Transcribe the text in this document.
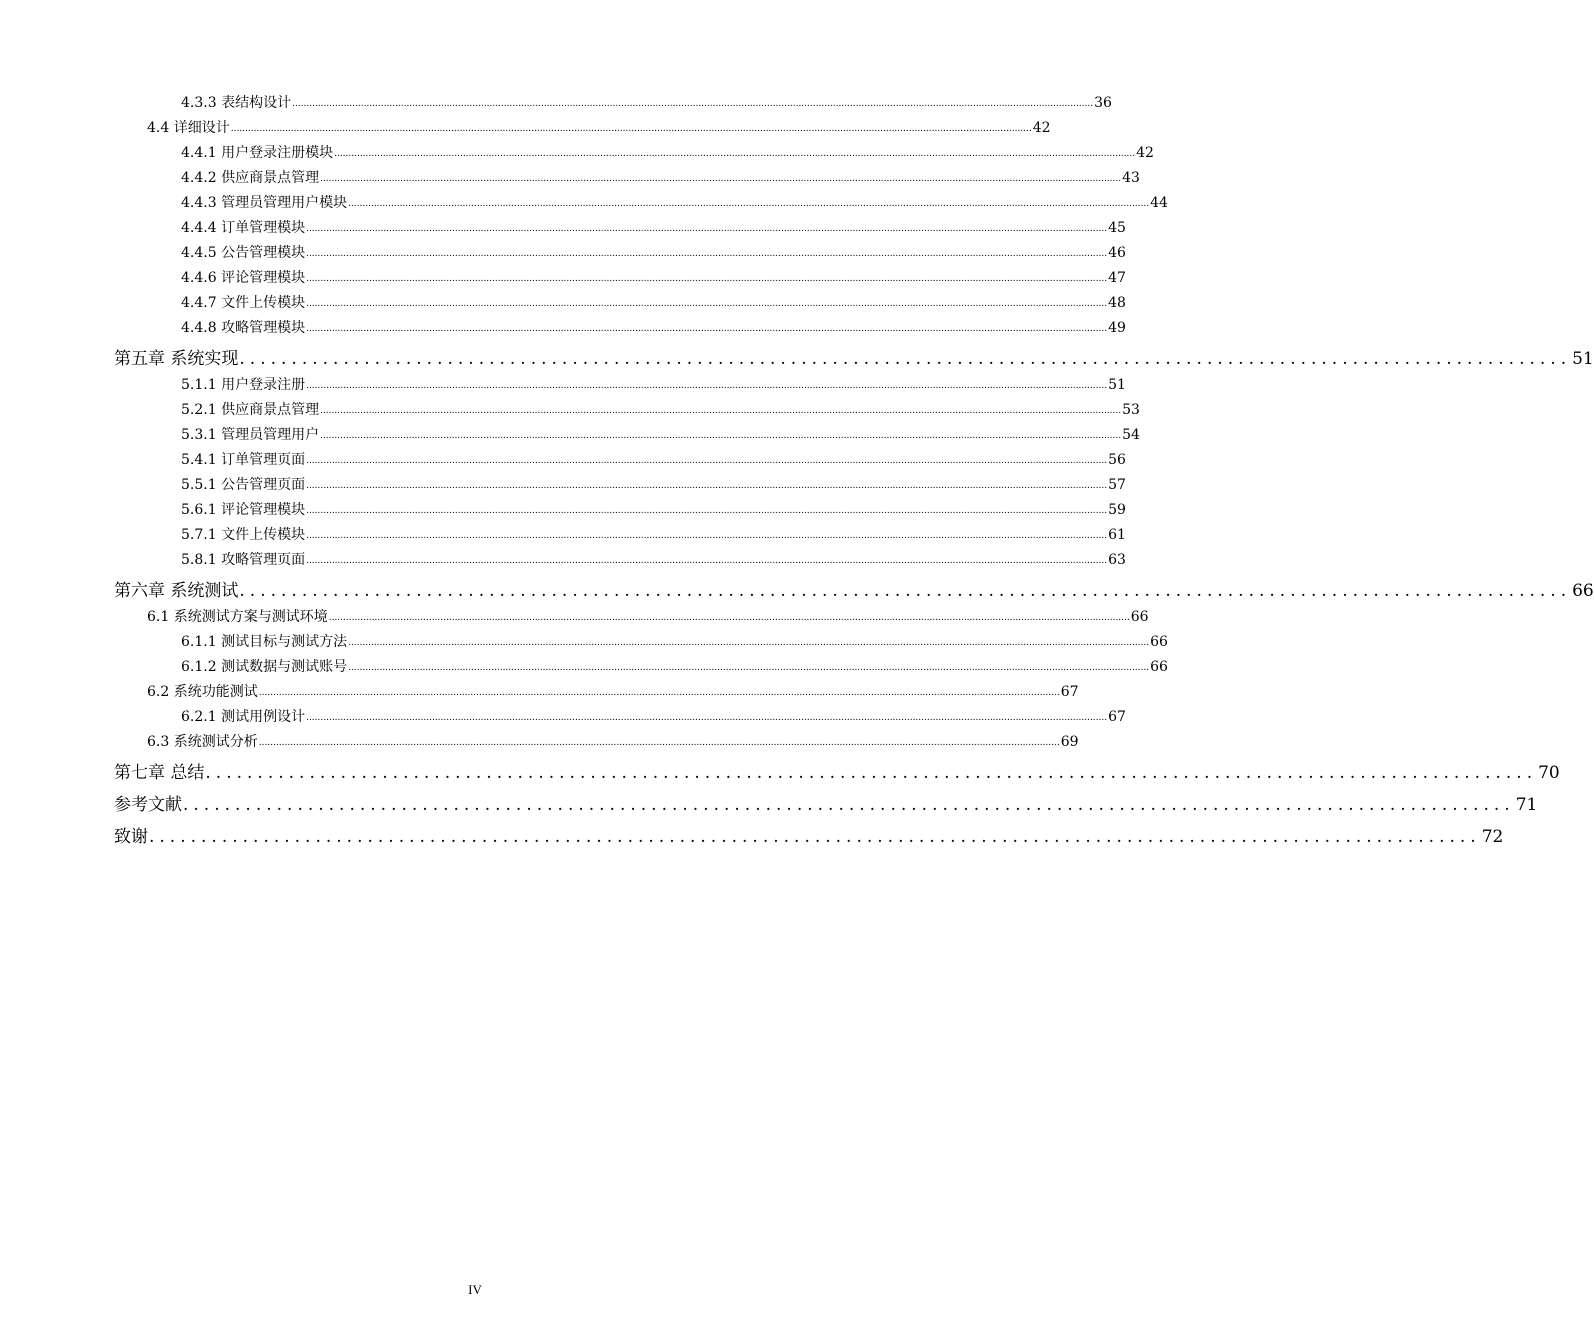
4.3.3 表结构设计 ........................................................................................................................................................................................................................................................................................ 36
4.4 详细设计 ........................................................................................................................................................................................................................................................................................ 42
4.4.1 用户登录注册模块 ........................................................................................................................................................................................................................................................................................ 42
4.4.2 供应商景点管理 ........................................................................................................................................................................................................................................................................................ 43
4.4.3 管理员管理用户模块 ........................................................................................................................................................................................................................................................................................ 44
4.4.4 订单管理模块 ........................................................................................................................................................................................................................................................................................ 45
4.4.5 公告管理模块 ........................................................................................................................................................................................................................................................................................ 46
4.4.6 评论管理模块 ........................................................................................................................................................................................................................................................................................ 47
4.4.7 文件上传模块 ........................................................................................................................................................................................................................................................................................ 48
4.4.8 攻略管理模块 ........................................................................................................................................................................................................................................................................................ 49
第五章 系统实现 ................................................................................................................................ 51
5.1.1 用户登录注册 ........................................................................................................................................................................................................................................................................................ 51
5.2.1 供应商景点管理 ........................................................................................................................................................................................................................................................................................ 53
5.3.1 管理员管理用户 ........................................................................................................................................................................................................................................................................................ 54
5.4.1 订单管理页面 ........................................................................................................................................................................................................................................................................................ 56
5.5.1 公告管理页面 ........................................................................................................................................................................................................................................................................................ 57
5.6.1 评论管理模块 ........................................................................................................................................................................................................................................................................................ 59
5.7.1 文件上传模块 ........................................................................................................................................................................................................................................................................................ 61
5.8.1 攻略管理页面 ........................................................................................................................................................................................................................................................................................ 63
第六章 系统测试 ................................................................................................................................ 66
6.1 系统测试方案与测试环境 ........................................................................................................................................................................................................................................................................................ 66
6.1.1 测试目标与测试方法 ........................................................................................................................................................................................................................................................................................ 66
6.1.2 测试数据与测试账号 ........................................................................................................................................................................................................................................................................................ 66
6.2 系统功能测试 ........................................................................................................................................................................................................................................................................................ 67
6.2.1 测试用例设计 ........................................................................................................................................................................................................................................................................................ 67
6.3 系统测试分析 ........................................................................................................................................................................................................................................................................................ 69
第七章 总结 ................................................................................................................................ 70
参考文献 ................................................................................................................................ 71
致谢 ................................................................................................................................ 72
IV
